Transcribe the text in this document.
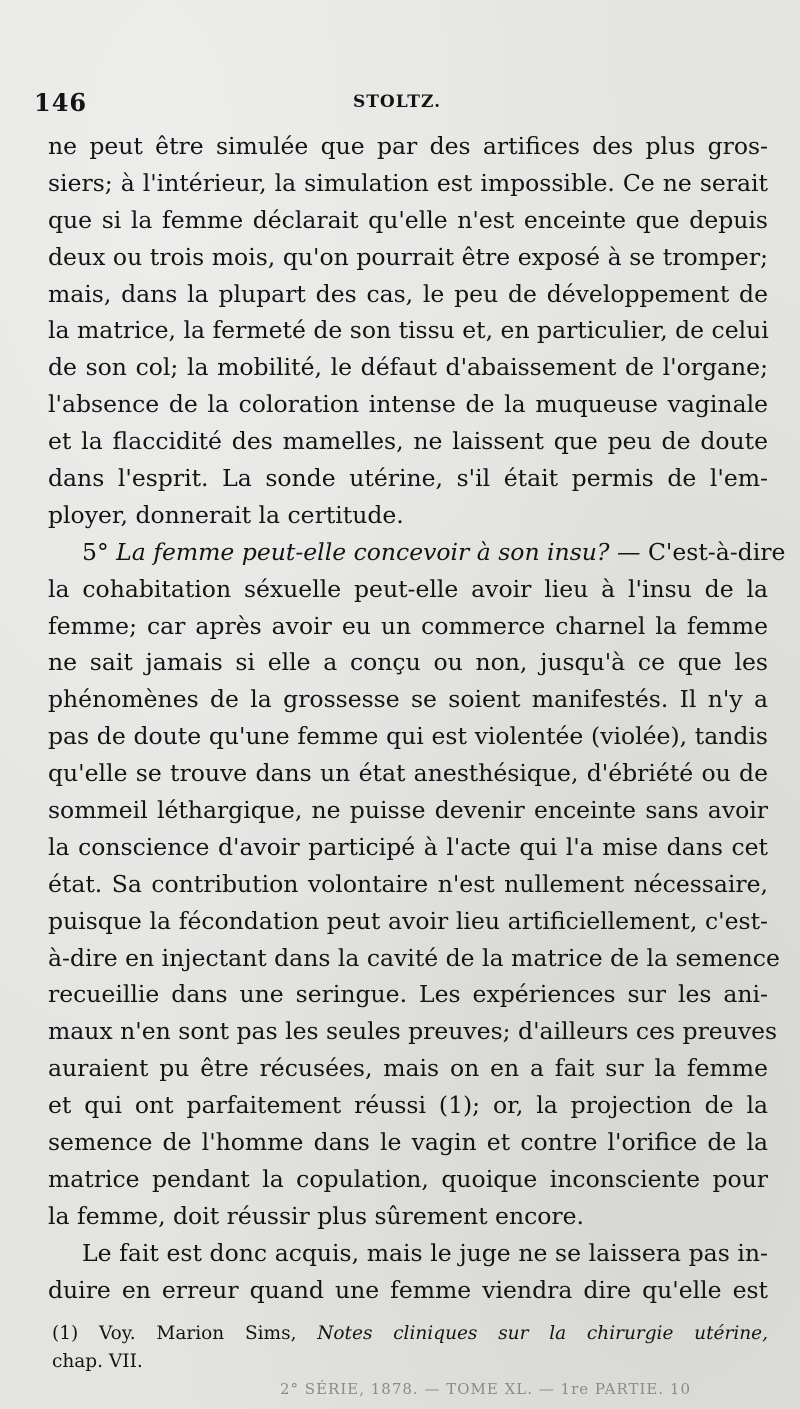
146	STOLTZ.
ne peut être simulée que par des artifices des plus gros-
siers; à l'intérieur, la simulation est impossible. Ce ne serait
que si la femme déclarait qu'elle n'est enceinte que depuis
deux ou trois mois, qu'on pourrait être exposé à se tromper;
mais, dans la plupart des cas, le peu de développement de
la matrice, la fermeté de son tissu et, en particulier, de celui
de son col; la mobilité, le défaut d'abaissement de l'organe;
l'absence de la coloration intense de la muqueuse vaginale
et la flaccidité des mamelles, ne laissent que peu de doute
dans l'esprit. La sonde utérine, s'il était permis de l'em-
ployer, donnerait la certitude.
5° La femme peut-elle concevoir à son insu? — C'est-à-dire
la cohabitation séxuelle peut-elle avoir lieu à l'insu de la
femme; car après avoir eu un commerce charnel la femme
ne sait jamais si elle a conçu ou non, jusqu'à ce que les
phénomènes de la grossesse se soient manifestés. Il n'y a
pas de doute qu'une femme qui est violentée (violée), tandis
qu'elle se trouve dans un état anesthésique, d'ébriété ou de
sommeil léthargique, ne puisse devenir enceinte sans avoir
la conscience d'avoir participé à l'acte qui l'a mise dans cet
état. Sa contribution volontaire n'est nullement nécessaire,
puisque la fécondation peut avoir lieu artificiellement, c'est-
à-dire en injectant dans la cavité de la matrice de la semence
recueillie dans une seringue. Les expériences sur les ani-
maux n'en sont pas les seules preuves; d'ailleurs ces preuves
auraient pu être récusées, mais on en a fait sur la femme
et qui ont parfaitement réussi (1); or, la projection de la
semence de l'homme dans le vagin et contre l'orifice de la
matrice pendant la copulation, quoique inconsciente pour
la femme, doit réussir plus sûrement encore.
Le fait est donc acquis, mais le juge ne se laissera pas in-
duire en erreur quand une femme viendra dire qu'elle est
(1) Voy. Marion Sims, Notes cliniques sur la chirurgie utérine,
chap. VII.
2° SÉRIE, 1878. — TOME XL. — 1re PARTIE. 10
